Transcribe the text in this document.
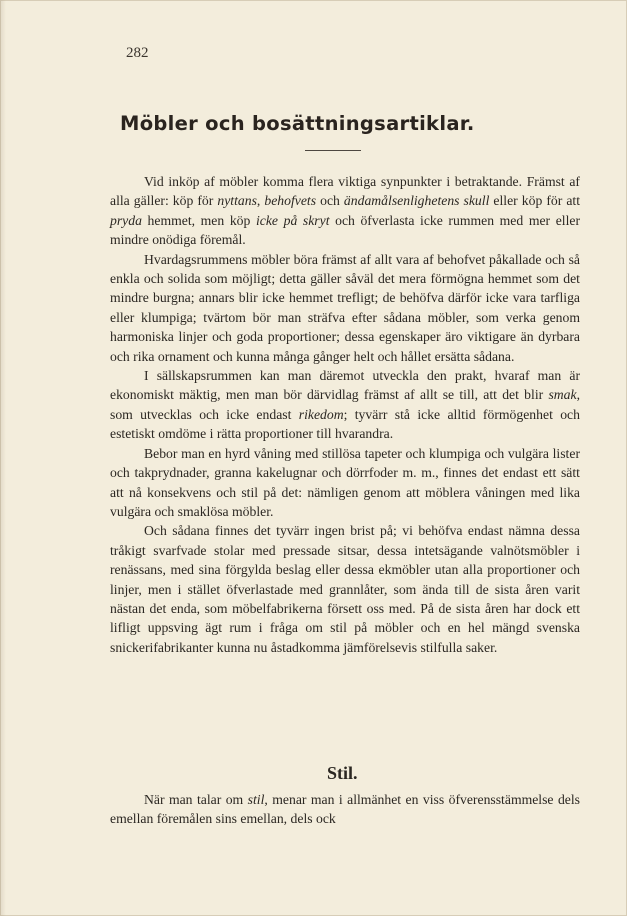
282
Möbler och bosättningsartiklar.

Vid inköp af möbler komma flera viktiga synpunkter i betraktande. Främst af alla gäller: köp för nyttans, behofvets och ändamålsenlighetens skull eller köp för att pryda hemmet, men köp icke på skryt och öfverlasta icke rummen med mer eller mindre onödiga föremål.

Hvardagsrummens möbler böra främst af allt vara af behofvet påkallade och så enkla och solida som möjligt; detta gäller såväl det mera förmögna hemmet som det mindre burgna; annars blir icke hemmet trefligt; de behöfva därför icke vara tarfliga eller klumpiga; tvärtom bör man sträfva efter sådana möbler, som verka genom harmoniska linjer och goda proportioner; dessa egenskaper äro viktigare än dyrbara och rika ornament och kunna många gånger helt och hållet ersätta sådana.

I sällskapsrummen kan man däremot utveckla den prakt, hvaraf man är ekonomiskt mäktig, men man bör därvidlag främst af allt se till, att det blir smak, som utvecklas och icke endast rikedom; tyvärr stå icke alltid förmögenhet och estetiskt omdöme i rätta proportioner till hvarandra.

Bebor man en hyrd våning med stillösa tapeter och klumpiga och vulgära lister och takprydnader, granna kakelugnar och dörrfoder m. m., finnes det endast ett sätt att nå konsekvens och stil på det: nämligen genom att möblera våningen med lika vulgära och smaklösa möbler.

Och sådana finnes det tyvärr ingen brist på; vi behöfva endast nämna dessa tråkigt svarfvade stolar med pressade sitsar, dessa intetsägande valnötsmöbler i renässans, med sina förgylda beslag eller dessa ekmöbler utan alla proportioner och linjer, men i stället öfverlastade med grannlåter, som ända till de sista åren varit nästan det enda, som möbelfabrikerna försett oss med. På de sista åren har dock ett lifligt uppsving ägt rum i fråga om stil på möbler och en hel mängd svenska snickerifabrikanter kunna nu åstadkomma jämförelsevis stilfulla saker.

Stil.

När man talar om stil, menar man i allmänhet en viss öfverensstämmelse dels emellan föremålen sins emellan, dels ock
